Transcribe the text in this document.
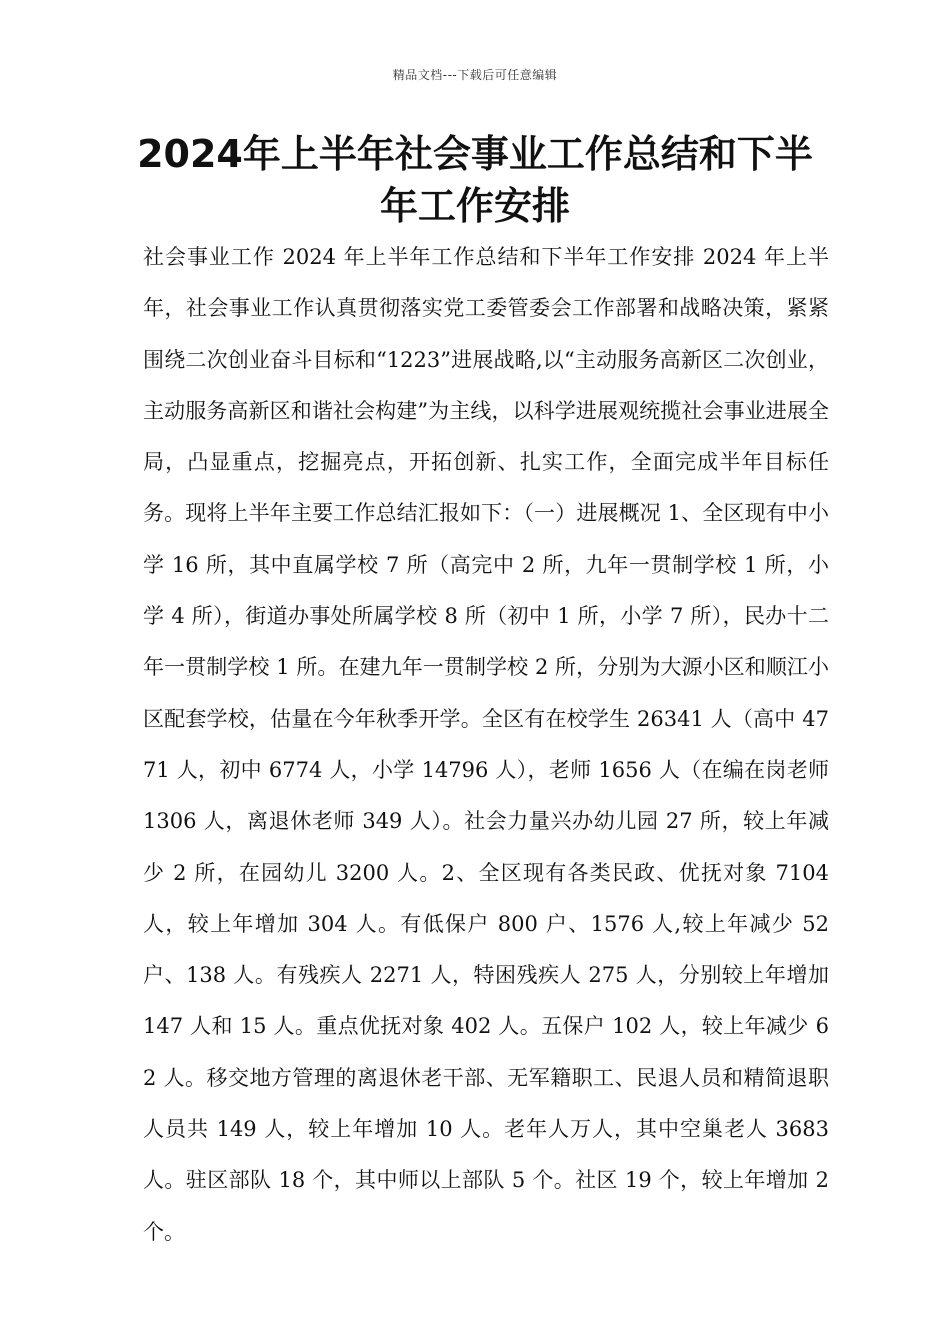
精品文档---下载后可任意编辑
2024年上半年社会事业工作总结和下半年工作安排

社会事业工作 2024 年上半年工作总结和下半年工作安排 2024 年上半年，社会事业工作认真贯彻落实党工委管委会工作部署和战略决策，紧紧围绕二次创业奋斗目标和“1223”进展战略,以“主动服务高新区二次创业，主动服务高新区和谐社会构建”为主线，以科学进展观统揽社会事业进展全局，凸显重点，挖掘亮点，开拓创新、扎实工作，全面完成半年目标任务。现将上半年主要工作总结汇报如下：（一）进展概况 1、全区现有中小学 16 所，其中直属学校 7 所（高完中 2 所，九年一贯制学校 1 所，小学 4 所），街道办事处所属学校 8 所（初中 1 所，小学 7 所），民办十二年一贯制学校 1 所。在建九年一贯制学校 2 所，分别为大源小区和顺江小区配套学校，估量在今年秋季开学。全区有在校学生 26341 人（高中 4771 人，初中 6774 人，小学 14796 人），老师 1656 人（在编在岗老师 1306 人，离退休老师 349 人）。社会力量兴办幼儿园 27 所，较上年减少 2 所，在园幼儿 3200 人。2、全区现有各类民政、优抚对象 7104 人，较上年增加 304 人。有低保户 800 户、1576 人,较上年减少 52 户、138 人。有残疾人 2271 人，特困残疾人 275 人，分别较上年增加 147 人和 15 人。重点优抚对象 402 人。五保户 102 人，较上年减少 62 人。移交地方管理的离退休老干部、无军籍职工、民退人员和精简退职人员共 149 人，较上年增加 10 人。老年人万人，其中空巢老人 3683 人。驻区部队 18 个，其中师以上部队 5 个。社区 19 个，较上年增加 2 个。
